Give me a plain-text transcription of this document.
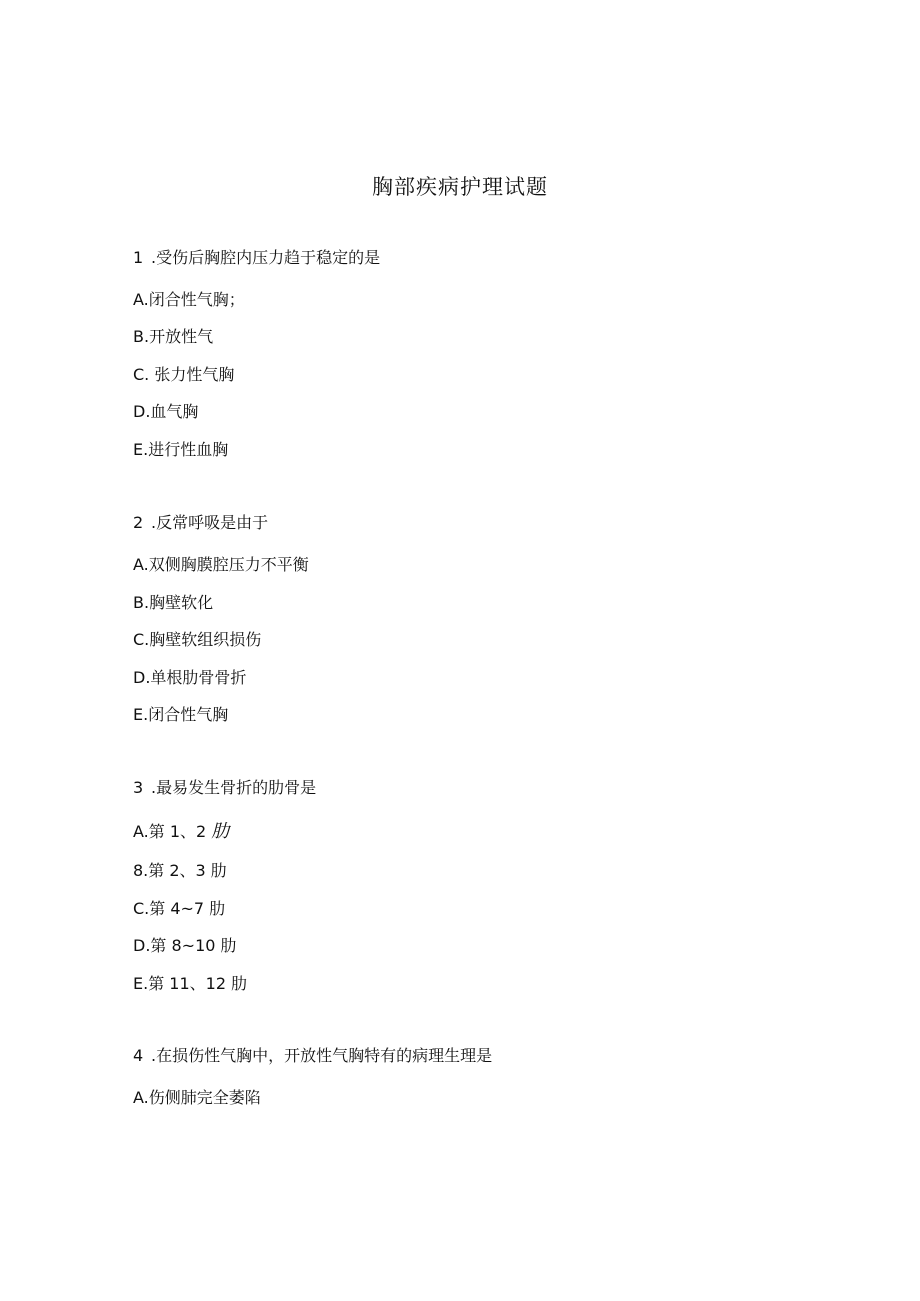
胸部疾病护理试题
1 .受伤后胸腔内压力趋于稳定的是
A.闭合性气胸；
B.开放性气
C. 张力性气胸
D.血气胸
E.进行性血胸
2 .反常呼吸是由于
A.双侧胸膜腔压力不平衡
B.胸壁软化
C.胸壁软组织损伤
D.单根肋骨骨折
E.闭合性气胸
3 .最易发生骨折的肋骨是
A.第 1、2 肋
8.第 2、3 肋
C.第 4~7 肋
D.第 8~10 肋
E.第 11、12 肋
4 .在损伤性气胸中，开放性气胸特有的病理生理是
A.伤侧肺完全萎陷
